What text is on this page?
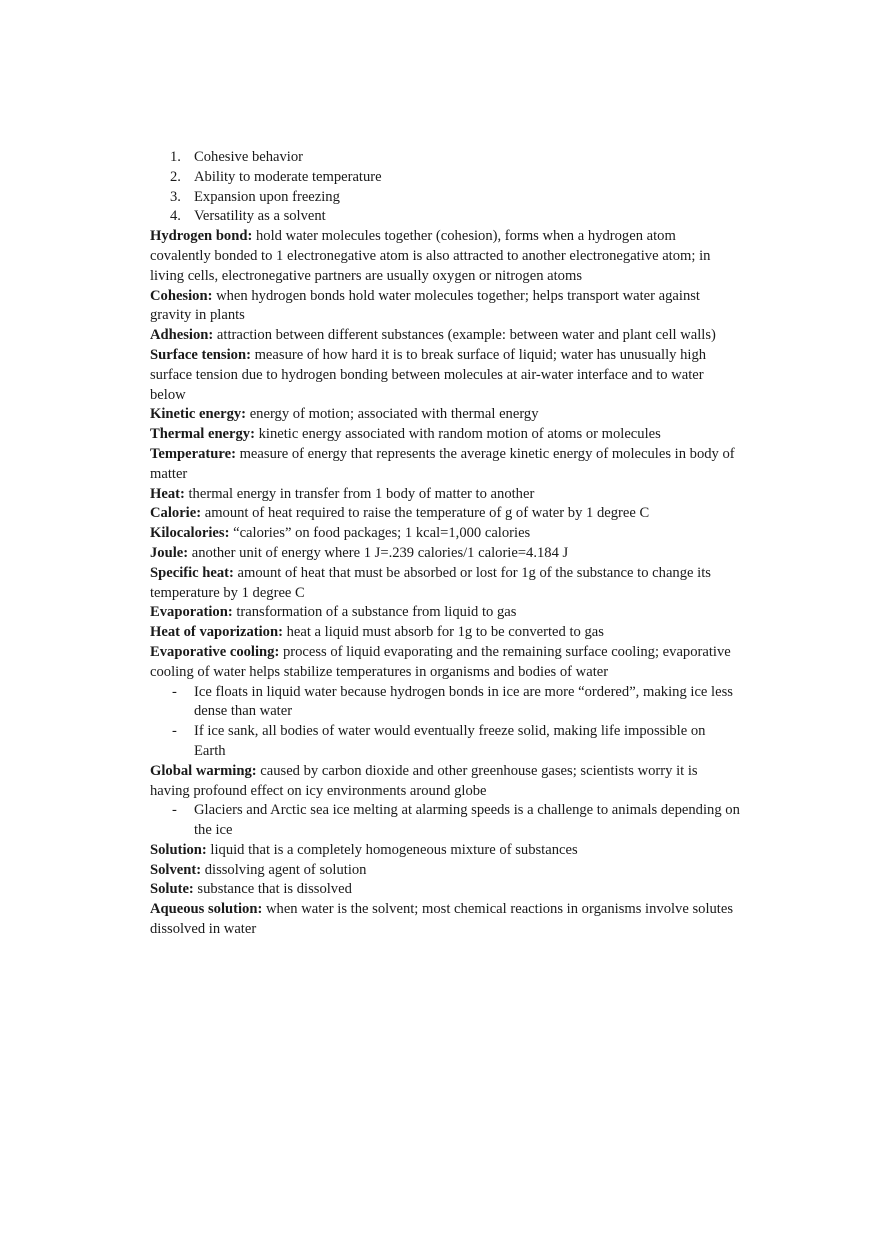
1. Cohesive behavior
2. Ability to moderate temperature
3. Expansion upon freezing
4. Versatility as a solvent

Hydrogen bond: hold water molecules together (cohesion), forms when a hydrogen atom covalently bonded to 1 electronegative atom is also attracted to another electronegative atom; in living cells, electronegative partners are usually oxygen or nitrogen atoms

Cohesion: when hydrogen bonds hold water molecules together; helps transport water against gravity in plants

Adhesion: attraction between different substances (example: between water and plant cell walls)

Surface tension: measure of how hard it is to break surface of liquid; water has unusually high surface tension due to hydrogen bonding between molecules at air-water interface and to water below

Kinetic energy: energy of motion; associated with thermal energy

Thermal energy: kinetic energy associated with random motion of atoms or molecules

Temperature: measure of energy that represents the average kinetic energy of molecules in body of matter

Heat: thermal energy in transfer from 1 body of matter to another

Calorie: amount of heat required to raise the temperature of g of water by 1 degree C

Kilocalories: “calories” on food packages; 1 kcal=1,000 calories

Joule: another unit of energy where 1 J=.239 calories/1 calorie=4.184 J

Specific heat: amount of heat that must be absorbed or lost for 1g of the substance to change its temperature by 1 degree C

Evaporation: transformation of a substance from liquid to gas

Heat of vaporization: heat a liquid must absorb for 1g to be converted to gas

Evaporative cooling: process of liquid evaporating and the remaining surface cooling; evaporative cooling of water helps stabilize temperatures in organisms and bodies of water

- Ice floats in liquid water because hydrogen bonds in ice are more “ordered”, making ice less dense than water
- If ice sank, all bodies of water would eventually freeze solid, making life impossible on Earth

Global warming: caused by carbon dioxide and other greenhouse gases; scientists worry it is having profound effect on icy environments around globe

- Glaciers and Arctic sea ice melting at alarming speeds is a challenge to animals depending on the ice

Solution: liquid that is a completely homogeneous mixture of substances

Solvent: dissolving agent of solution

Solute: substance that is dissolved

Aqueous solution: when water is the solvent; most chemical reactions in organisms involve solutes dissolved in water
